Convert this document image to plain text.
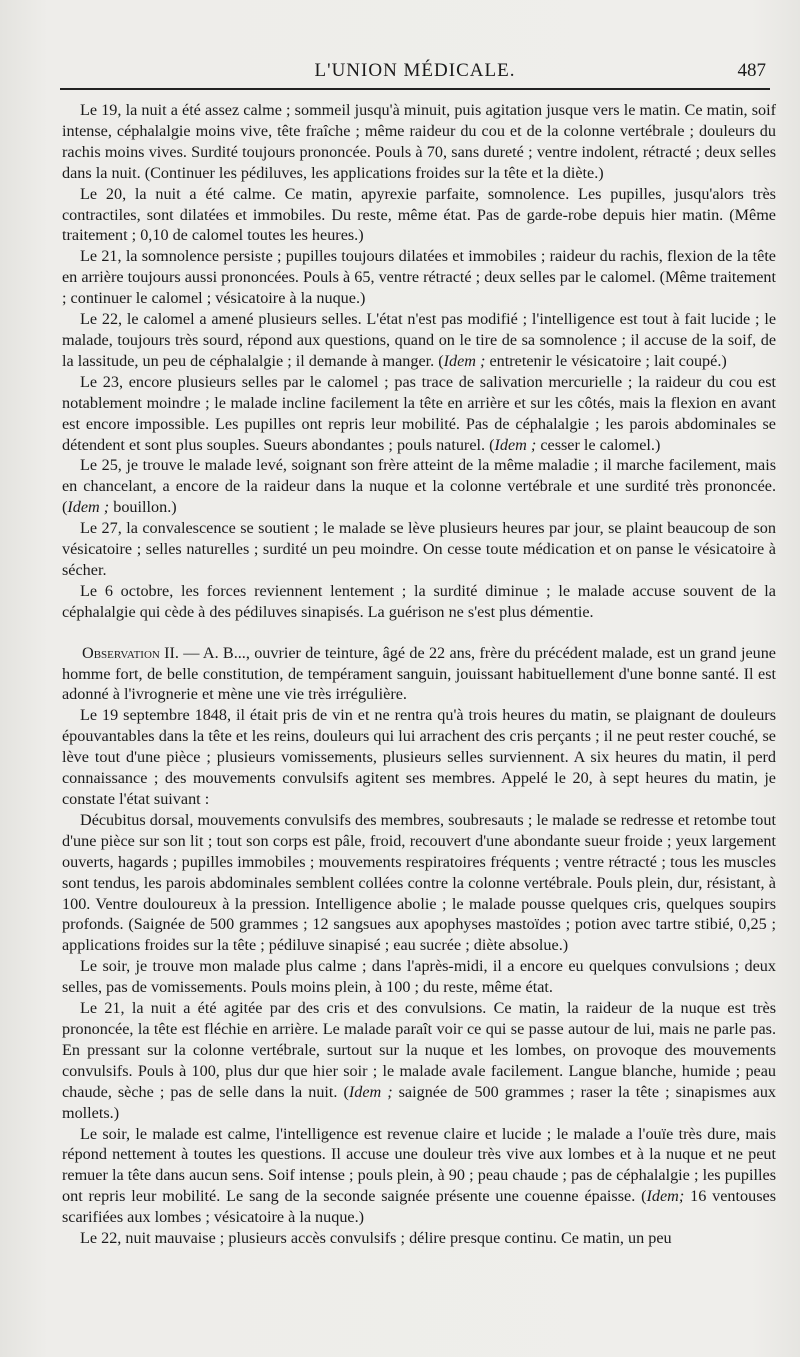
L'UNION MÉDICALE.	487

Le 19, la nuit a été assez calme ; sommeil jusqu'à minuit, puis agitation jusque vers le matin. Ce matin, soif intense, céphalalgie moins vive, tête fraîche ; même raideur du cou et de la colonne vertébrale ; douleurs du rachis moins vives. Surdité toujours prononcée. Pouls à 70, sans dureté ; ventre indolent, rétracté ; deux selles dans la nuit. (Continuer les pédiluves, les applications froides sur la tête et la diète.)

Le 20, la nuit a été calme. Ce matin, apyrexie parfaite, somnolence. Les pupilles, jusqu'alors très contractiles, sont dilatées et immobiles. Du reste, même état. Pas de garde-robe depuis hier matin. (Même traitement ; 0,10 de calomel toutes les heures.)

Le 21, la somnolence persiste ; pupilles toujours dilatées et immobiles ; raideur du rachis, flexion de la tête en arrière toujours aussi prononcées. Pouls à 65, ventre rétracté ; deux selles par le calomel. (Même traitement ; continuer le calomel ; vésicatoire à la nuque.)

Le 22, le calomel a amené plusieurs selles. L'état n'est pas modifié ; l'intelligence est tout à fait lucide ; le malade, toujours très sourd, répond aux questions, quand on le tire de sa somnolence ; il accuse de la soif, de la lassitude, un peu de céphalalgie ; il demande à manger. (Idem ; entretenir le vésicatoire ; lait coupé.)

Le 23, encore plusieurs selles par le calomel ; pas trace de salivation mercurielle ; la raideur du cou est notablement moindre ; le malade incline facilement la tête en arrière et sur les côtés, mais la flexion en avant est encore impossible. Les pupilles ont repris leur mobilité. Pas de céphalalgie ; les parois abdominales se détendent et sont plus souples. Sueurs abondantes ; pouls naturel. (Idem ; cesser le calomel.)

Le 25, je trouve le malade levé, soignant son frère atteint de la même maladie ; il marche facilement, mais en chancelant, a encore de la raideur dans la nuque et la colonne vertébrale et une surdité très prononcée. (Idem ; bouillon.)

Le 27, la convalescence se soutient ; le malade se lève plusieurs heures par jour, se plaint beaucoup de son vésicatoire ; selles naturelles ; surdité un peu moindre. On cesse toute médication et on panse le vésicatoire à sécher.

Le 6 octobre, les forces reviennent lentement ; la surdité diminue ; le malade accuse souvent de la céphalalgie qui cède à des pédiluves sinapisés. La guérison ne s'est plus démentie.

Observation II. — A. B..., ouvrier de teinture, âgé de 22 ans, frère du précédent malade, est un grand jeune homme fort, de belle constitution, de tempérament sanguin, jouissant habituellement d'une bonne santé. Il est adonné à l'ivrognerie et mène une vie très irrégulière.

Le 19 septembre 1848, il était pris de vin et ne rentra qu'à trois heures du matin, se plaignant de douleurs épouvantables dans la tête et les reins, douleurs qui lui arrachent des cris perçants ; il ne peut rester couché, se lève tout d'une pièce ; plusieurs vomissements, plusieurs selles surviennent. A six heures du matin, il perd connaissance ; des mouvements convulsifs agitent ses membres. Appelé le 20, à sept heures du matin, je constate l'état suivant :

Décubitus dorsal, mouvements convulsifs des membres, soubresauts ; le malade se redresse et retombe tout d'une pièce sur son lit ; tout son corps est pâle, froid, recouvert d'une abondante sueur froide ; yeux largement ouverts, hagards ; pupilles immobiles ; mouvements respiratoires fréquents ; ventre rétracté ; tous les muscles sont tendus, les parois abdominales semblent collées contre la colonne vertébrale. Pouls plein, dur, résistant, à 100. Ventre douloureux à la pression. Intelligence abolie ; le malade pousse quelques cris, quelques soupirs profonds. (Saignée de 500 grammes ; 12 sangsues aux apophyses mastoïdes ; potion avec tartre stibié, 0,25 ; applications froides sur la tête ; pédiluve sinapisé ; eau sucrée ; diète absolue.)

Le soir, je trouve mon malade plus calme ; dans l'après-midi, il a encore eu quelques convulsions ; deux selles, pas de vomissements. Pouls moins plein, à 100 ; du reste, même état.

Le 21, la nuit a été agitée par des cris et des convulsions. Ce matin, la raideur de la nuque est très prononcée, la tête est fléchie en arrière. Le malade paraît voir ce qui se passe autour de lui, mais ne parle pas. En pressant sur la colonne vertébrale, surtout sur la nuque et les lombes, on provoque des mouvements convulsifs. Pouls à 100, plus dur que hier soir ; le malade avale facilement. Langue blanche, humide ; peau chaude, sèche ; pas de selle dans la nuit. (Idem ; saignée de 500 grammes ; raser la tête ; sinapismes aux mollets.)

Le soir, le malade est calme, l'intelligence est revenue claire et lucide ; le malade a l'ouïe très dure, mais répond nettement à toutes les questions. Il accuse une douleur très vive aux lombes et à la nuque et ne peut remuer la tête dans aucun sens. Soif intense ; pouls plein, à 90 ; peau chaude ; pas de céphalalgie ; les pupilles ont repris leur mobilité. Le sang de la seconde saignée présente une couenne épaisse. (Idem; 16 ventouses scarifiées aux lombes ; vésicatoire à la nuque.)

Le 22, nuit mauvaise ; plusieurs accès convulsifs ; délire presque continu. Ce matin, un peu
